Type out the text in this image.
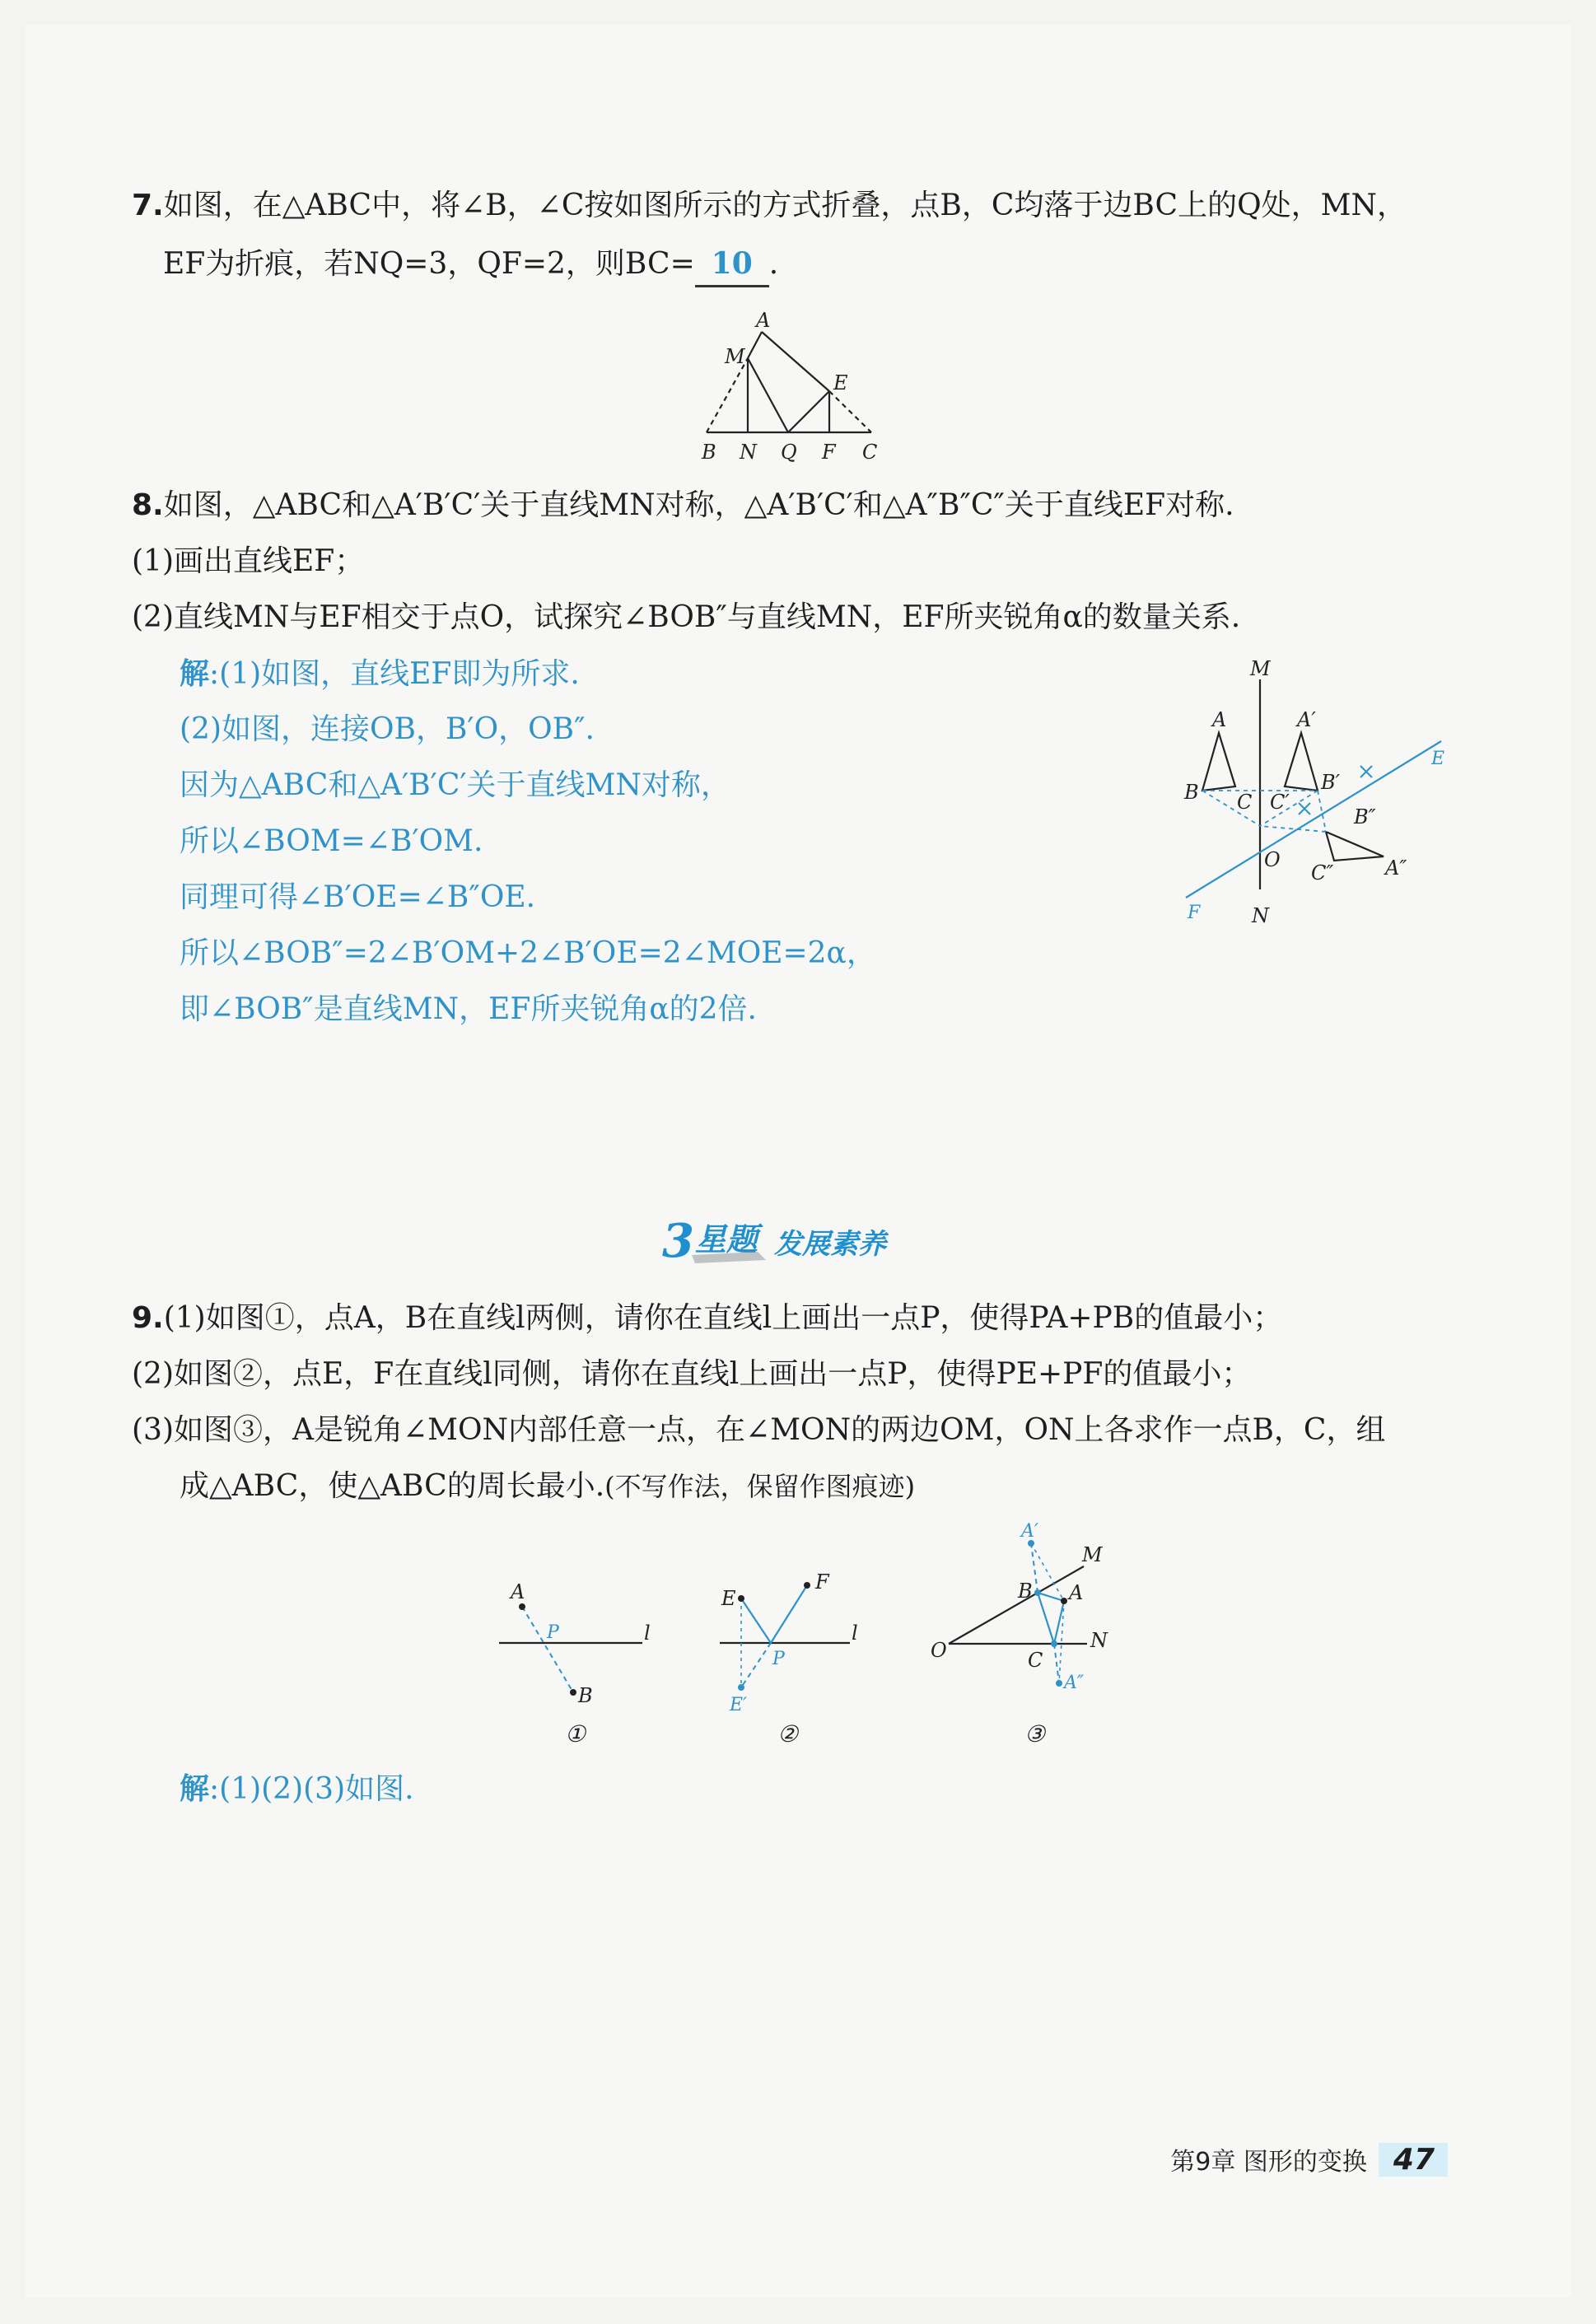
7.如图，在△ABC中，将∠B，∠C按如图所示的方式折叠，点B，C均落于边BC上的Q处，MN，
EF为折痕，若NQ=3，QF=2，则BC= 10 .
A
M
E
B N Q F C
8.如图，△ABC和△A′B′C′关于直线MN对称，△A′B′C′和△A″B″C″关于直线EF对称.
(1)画出直线EF；
(2)直线MN与EF相交于点O，试探究∠BOB″与直线MN，EF所夹锐角α的数量关系.
解:(1)如图，直线EF即为所求.
(2)如图，连接OB，B′O，OB″.
因为△ABC和△A′B′C′关于直线MN对称，
所以∠BOM=∠B′OM.
同理可得∠B′OE=∠B″OE.
所以∠BOB″=2∠B′OM+2∠B′OE=2∠MOE=2α，
即∠BOB″是直线MN，EF所夹锐角α的2倍.
M
N
O
A
B C
A′
B′
C′
A″
B″
C″
E
F
3 星题 发展素养
9.(1)如图①，点A，B在直线l两侧，请你在直线l上画出一点P，使得PA+PB的值最小；
(2)如图②，点E，F在直线l同侧，请你在直线l上画出一点P，使得PE+PF的值最小；
(3)如图③，A是锐角∠MON内部任意一点，在∠MON的两边OM，ON上各求作一点B，C，组
成△ABC，使△ABC的周长最小.(不写作法，保留作图痕迹)
A
B
l
P
①
E
F
l
P
E′
②
M
A
B
O	C
N
A′
A″
③
解:(1)(2)(3)如图.
第9章 图形的变换 47
